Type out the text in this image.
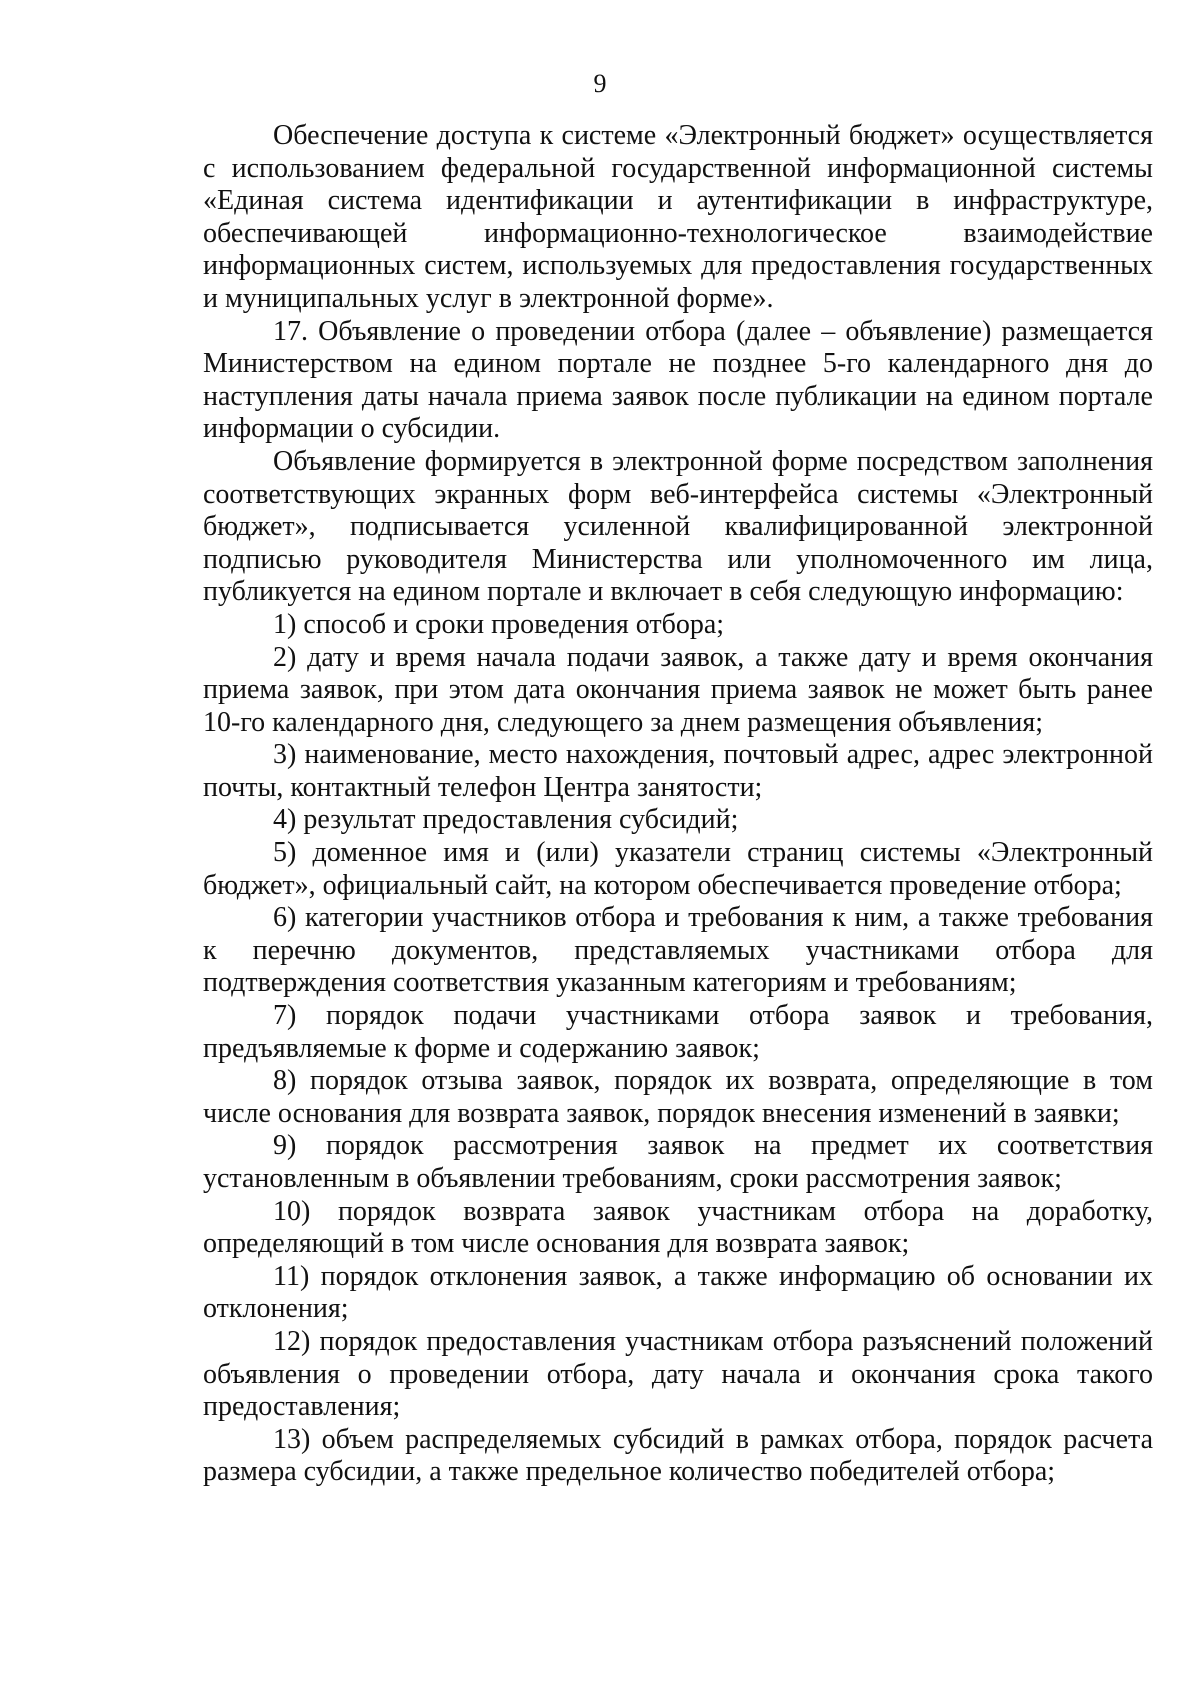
9

Обеспечение доступа к системе «Электронный бюджет» осуществляется с использованием федеральной государственной информационной системы «Единая система идентификации и аутентификации в инфраструктуре, обеспечивающей информационно-технологическое взаимодействие информационных систем, используемых для предоставления государственных и муниципальных услуг в электронной форме».

17. Объявление о проведении отбора (далее – объявление) размещается Министерством на едином портале не позднее 5-го календарного дня до наступления даты начала приема заявок после публикации на едином портале информации о субсидии.

Объявление формируется в электронной форме посредством заполнения соответствующих экранных форм веб-интерфейса системы «Электронный бюджет», подписывается усиленной квалифицированной электронной подписью руководителя Министерства или уполномоченного им лица, публикуется на едином портале и включает в себя следующую информацию:

1) способ и сроки проведения отбора;

2) дату и время начала подачи заявок, а также дату и время окончания приема заявок, при этом дата окончания приема заявок не может быть ранее 10-го календарного дня, следующего за днем размещения объявления;

3) наименование, место нахождения, почтовый адрес, адрес электронной почты, контактный телефон Центра занятости;

4) результат предоставления субсидий;

5) доменное имя и (или) указатели страниц системы «Электронный бюджет», официальный сайт, на котором обеспечивается проведение отбора;

6) категории участников отбора и требования к ним, а также требования к перечню документов, представляемых участниками отбора для подтверждения соответствия указанным категориям и требованиям;

7) порядок подачи участниками отбора заявок и требования, предъявляемые к форме и содержанию заявок;

8) порядок отзыва заявок, порядок их возврата, определяющие в том числе основания для возврата заявок, порядок внесения изменений в заявки;

9) порядок рассмотрения заявок на предмет их соответствия установленным в объявлении требованиям, сроки рассмотрения заявок;

10) порядок возврата заявок участникам отбора на доработку, определяющий в том числе основания для возврата заявок;

11) порядок отклонения заявок, а также информацию об основании их отклонения;

12) порядок предоставления участникам отбора разъяснений положений объявления о проведении отбора, дату начала и окончания срока такого предоставления;

13) объем распределяемых субсидий в рамках отбора, порядок расчета размера субсидии, а также предельное количество победителей отбора;
